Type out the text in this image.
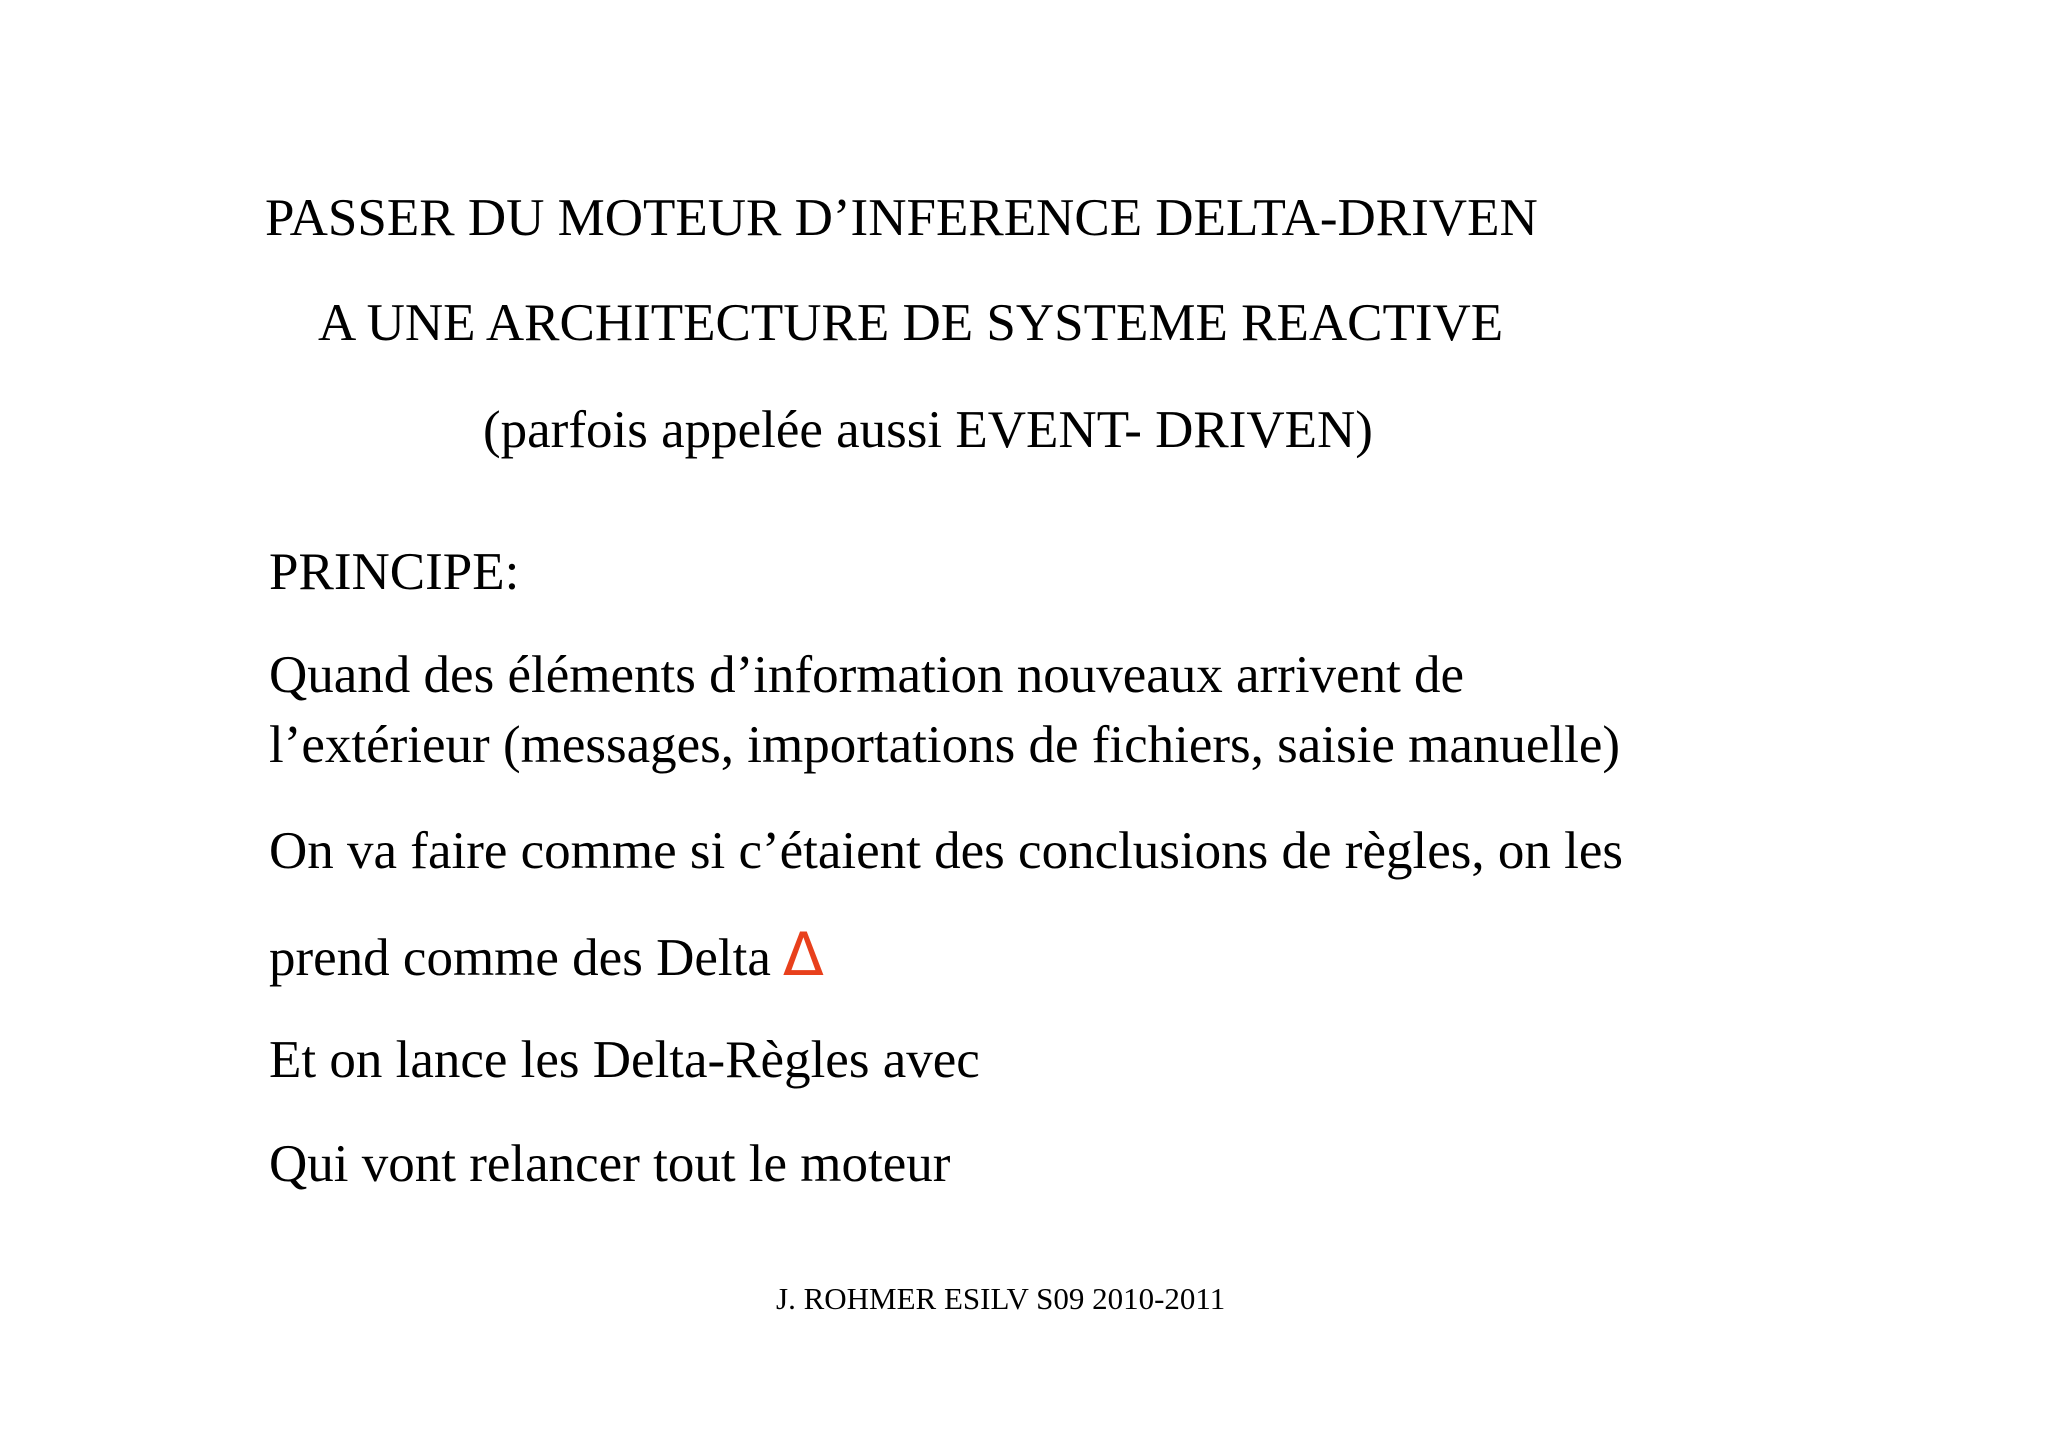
PASSER DU MOTEUR D’INFERENCE DELTA-DRIVEN
A UNE ARCHITECTURE DE SYSTEME REACTIVE
(parfois appelée aussi EVENT- DRIVEN)
PRINCIPE:
Quand des éléments d’information nouveaux arrivent de
l’extérieur (messages, importations de fichiers, saisie manuelle)
On va faire comme si c’étaient des conclusions de règles, on les
prend comme des Delta Δ
Et on lance les Delta-Règles avec
Qui vont relancer tout le moteur
J. ROHMER ESILV S09 2010-2011
